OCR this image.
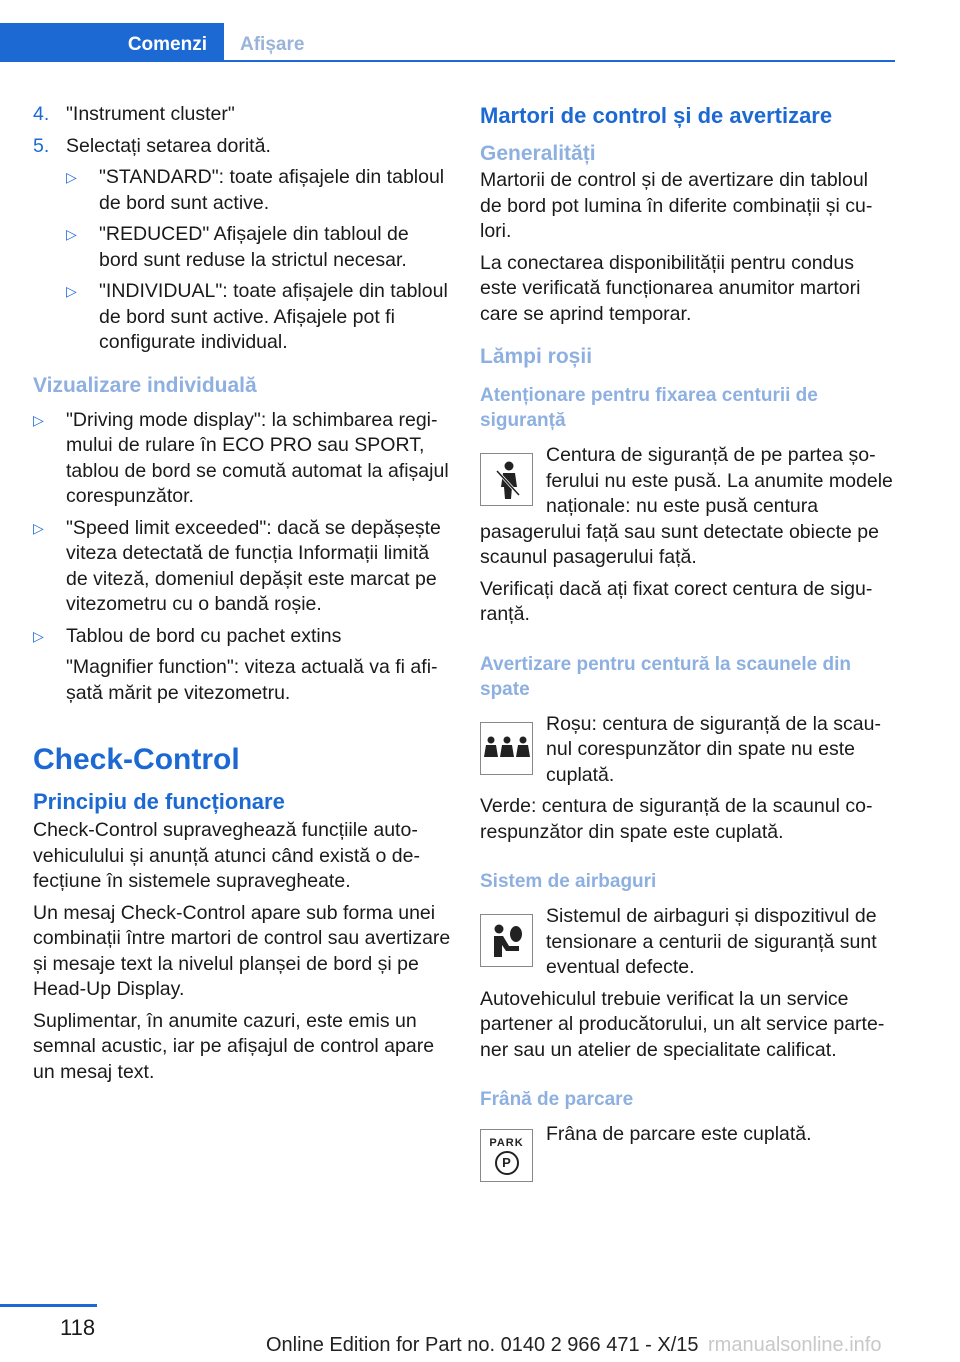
Comenzi Afișare
4. "Instrument cluster"
5. Selectați setarea dorită.
▷	"STANDARD": toate afișajele din tabloul de bord sunt active.
▷	"REDUCED" Afișajele din tabloul de bord sunt reduse la strictul necesar.
▷	"INDIVIDUAL": toate afișajele din tabloul de bord sunt active. Afișajele pot fi configurate individual.
Vizualizare individuală
▷	"Driving mode display": la schimbarea regimului de rulare în ECO PRO sau SPORT, tablou de bord se comută automat la afișajul corespunzător.
▷	"Speed limit exceeded": dacă se depășește viteza detectată de funcția Informații limită de viteză, domeniul depășit este marcat pe vitezometru cu o bandă roșie.
▷	Tablou de bord cu pachet extins

"Magnifier function": viteza actuală va fi afișată mărit pe vitezometru.

Check-Control
Principiu de funcționare

Check-Control supraveghează funcțiile autovehiculului și anunță atunci când există o defecțiune în sistemele supravegheate.

Un mesaj Check-Control apare sub forma unei combinații între martori de control sau avertizare și mesaje text la nivelul planșei de bord și pe Head-Up Display.

Suplimentar, în anumite cazuri, este emis un semnal acustic, iar pe afișajul de control apare un mesaj text.

Martori de control și de avertizare
Generalități

Martorii de control și de avertizare din tabloul de bord pot lumina în diferite combinații și culori.

La conectarea disponibilității pentru condus este verificată funcționarea anumitor martori care se aprind temporar.

Lămpi roșii
Atenționare pentru fixarea centurii de siguranță

Centura de siguranță de pe partea șoferului nu este pusă. La anumite modele naționale: nu este pusă centura pasagerului față sau sunt detectate obiecte pe scaunul pasagerului față.

Verificați dacă ați fixat corect centura de siguranță.

Avertizare pentru centură la scaunele din spate

Roșu: centura de siguranță de la scaunul corespunzător din spate nu este cuplată.

Verde: centura de siguranță de la scaunul corespunzător din spate este cuplată.

Sistem de airbaguri

Sistemul de airbaguri și dispozitivul de tensionare a centurii de siguranță sunt eventual defecte.

Autovehiculul trebuie verificat la un service partener al producătorului, un alt service partener sau un atelier de specialitate calificat.

Frână de parcare
PARK
P

Frâna de parcare este cuplată.

118
Online Edition for Part no. 0140 2 966 471 - X/15 rmanualsonline.info
